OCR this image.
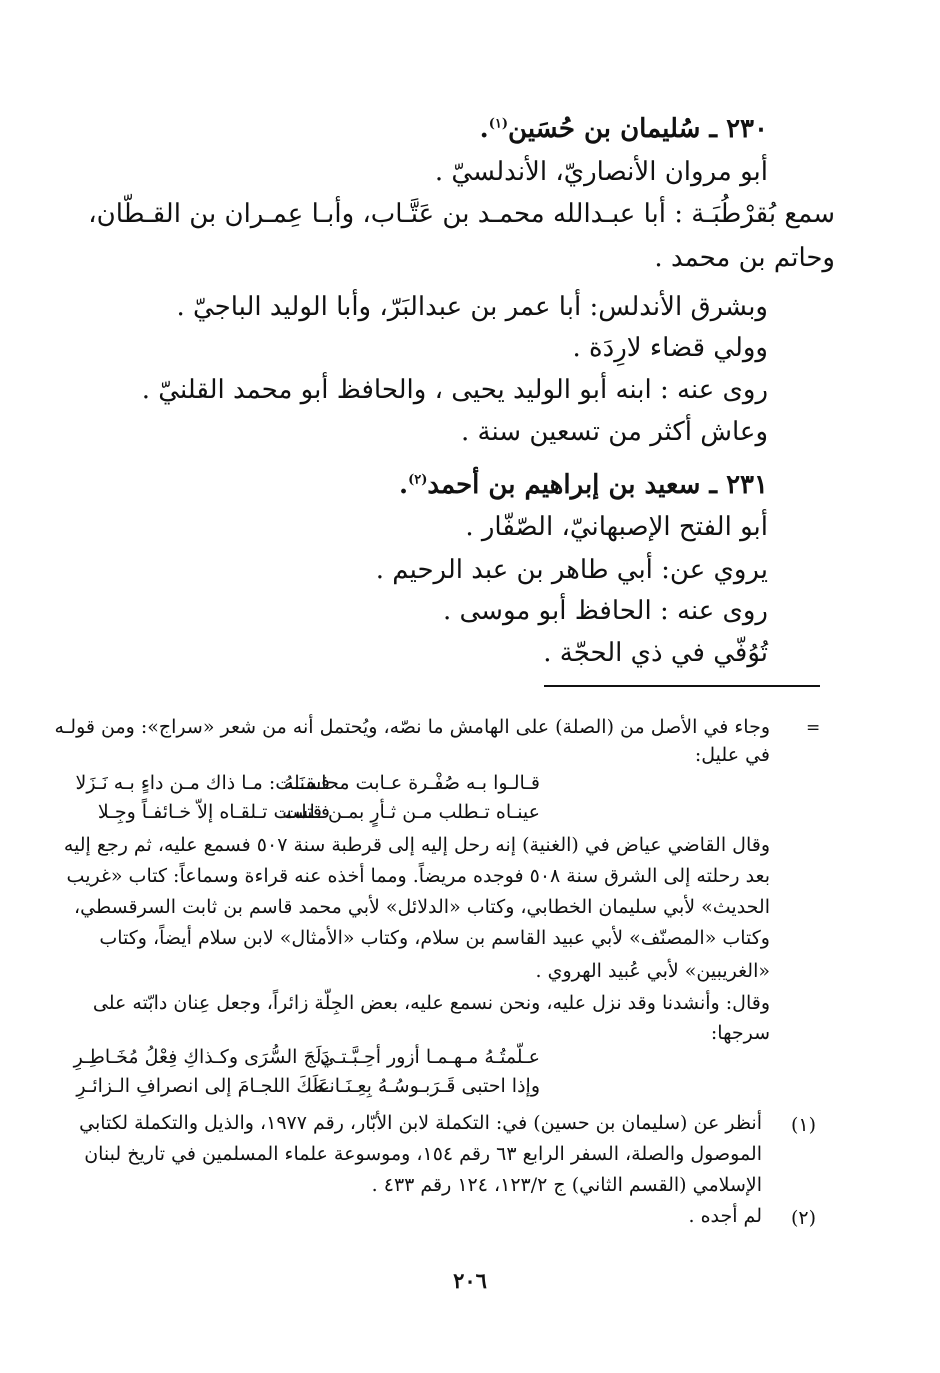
٢٣٠ ـ سُليمان بن حُسَين$^{(١)}$.
أبو مروان الأنصاريّ، الأندلسيّ .
سمع بُقرْطُبَـة : أبا عبـدالله محمـد بن عَتَّـاب، وأبـا عِمـران بن القـطّان،
وحاتم بن محمد .
وبشرق الأندلس: أبا عمر بن عبدالبَرّ، وأبا الوليد الباجيّ .
وولي قضاء لارِدَة .
روى عنه : ابنه أبو الوليد يحيى ، والحافظ أبو محمد القلنيّ .
وعاش أكثر من تسعين سنة .
٢٣١ ـ سعيد بن إبراهيم بن أحمد$^{(٢)}$.
أبو الفتح الإصبهانيّ، الصّفّار .
يروي عن: أبي طاهر بن عبد الرحيم .
روى عنه : الحافظ أبو موسى .
تُوُفّي في ذي الحجّة .
=
وجاء في الأصل من (الصلة) على الهامش ما نصّه، ويُحتمل أنه من شعر «سراج»: ومن قولـه
في عليل:
قـالـوا بـه صُفْـرة عـابت محاسنَـهُ
فـقـلت: مـا ذاك مـن داءٍ بـه نَـزَلا
عينـاه تـطلب مـن ثـأرٍ بمـن قتلت
فـلست تـلقـاه إلاّ خـائفـاً وجِـلا
وقال القاضي عياض في (الغنية) إنه رحل إليه إلى قرطبة سنة ٥٠٧ فسمع عليه، ثم رجع إليه
بعد رحلته إلى الشرق سنة ٥٠٨ فوجده مريضاً. ومما أخذه عنه قراءة وسماعاً: كتاب «غريب
الحديث» لأبي سليمان الخطابي، وكتاب «الدلائل» لأبي محمد قاسم بن ثابت السرقسطي،
وكتاب «المصنّف» لأبي عبيد القاسم بن سلام، وكتاب «الأمثال» لابن سلام أيضاً، وكتاب
«الغريبين» لأبي عُبيد الهروي .
وقال: وأنشدنا وقد نزل عليه، ونحن نسمع عليه، بعض الجِلّة زائراً، وجعل عِنان دابّته على
سرجها:
عـلّمتُـهُ مـهـمـا أزور أحِـبَّـتـي
دَلَجَ السُّرَى وكـذاكِ فِعْلُ مُخَـاطِـرِ
وإذا احتبى قَـرَبـوسُـهُ بِعِـنَـانـه
عَلَكَ اللجـامَ إلى انصرافِ الـزائـرِ
(١)
أنظر عن (سليمان بن حسين) في: التكملة لابن الأبّار، رقم ١٩٧٧، والذيل والتكملة لكتابي
الموصول والصلة، السفر الرابع ٦٣ رقم ١٥٤، وموسوعة علماء المسلمين في تاريخ لبنان
الإسلامي (القسم الثاني) ج ١٢٣/٢، ١٢٤ رقم ٤٣٣ .
(٢)
لم أجده .
٢٠٦
